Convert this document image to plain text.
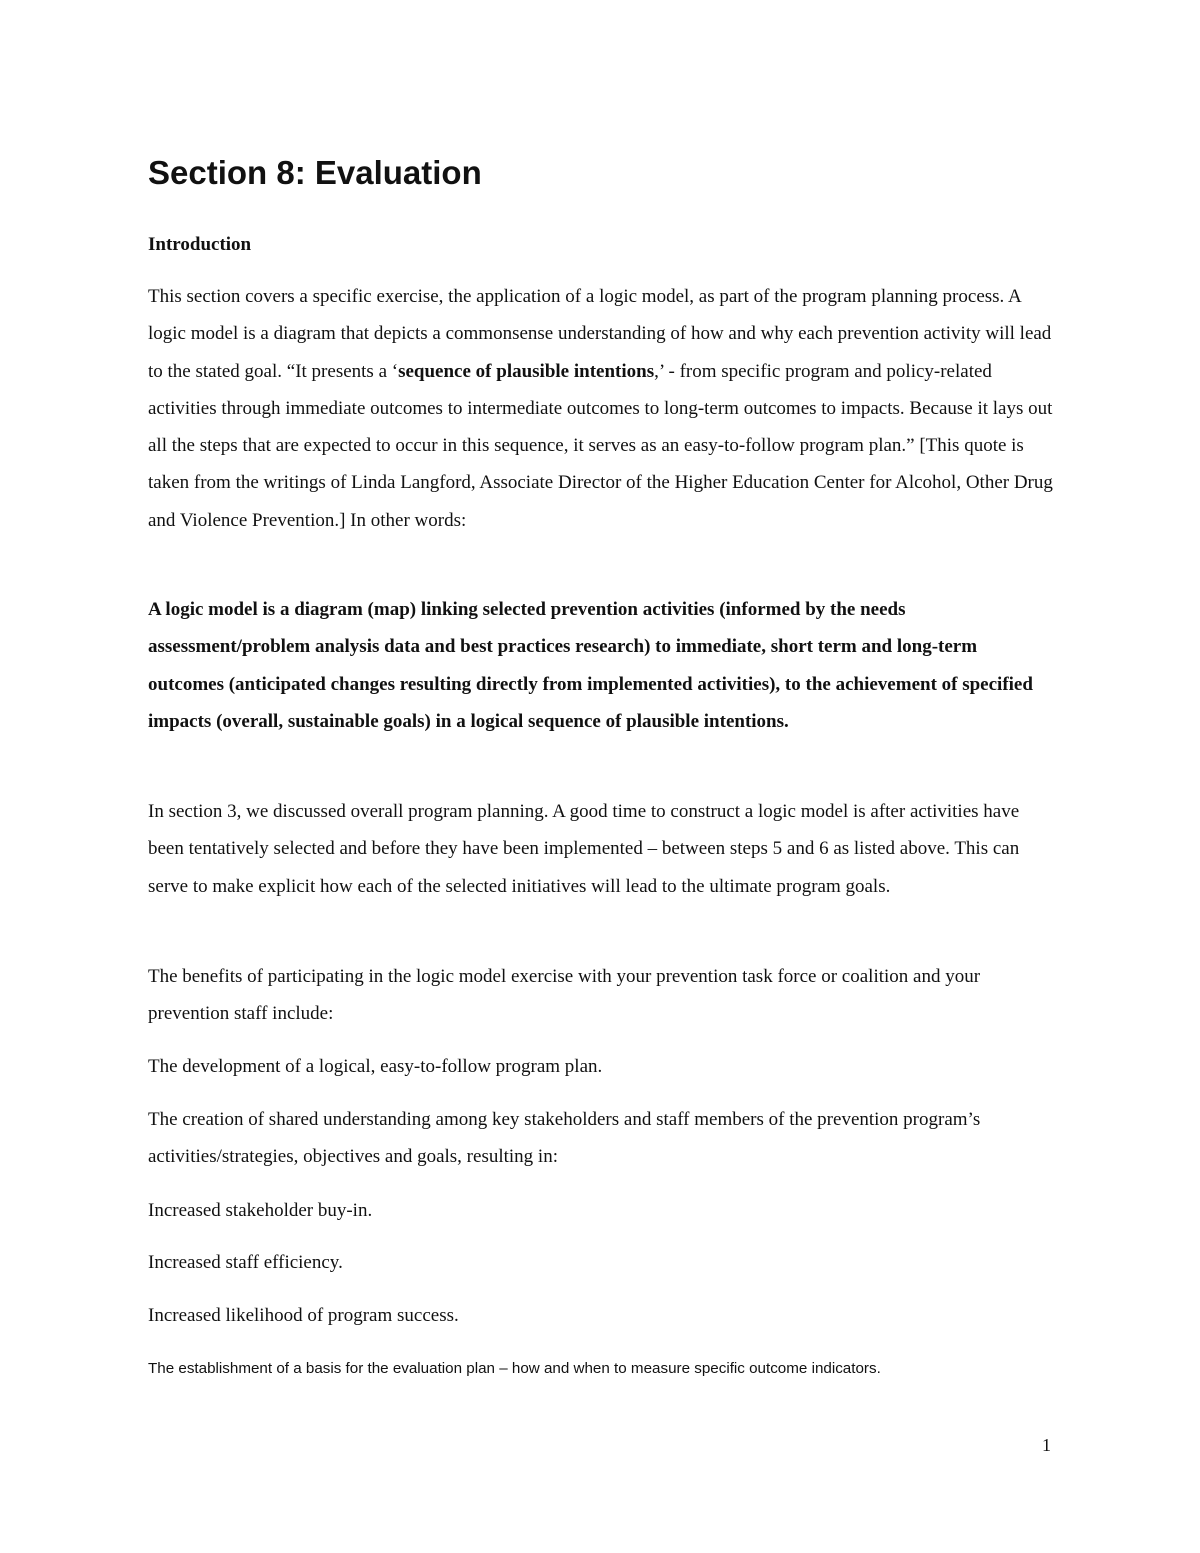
Section 8: Evaluation
Introduction

This section covers a specific exercise, the application of a logic model, as part of the program planning process. A logic model is a diagram that depicts a commonsense understanding of how and why each prevention activity will lead to the stated goal. “It presents a ‘sequence of plausible intentions,’ - from specific program and policy-related activities through immediate outcomes to intermediate outcomes to long-term outcomes to impacts. Because it lays out all the steps that are expected to occur in this sequence, it serves as an easy-to-follow program plan.” [This quote is taken from the writings of Linda Langford, Associate Director of the Higher Education Center for Alcohol, Other Drug and Violence Prevention.] In other words:

A logic model is a diagram (map) linking selected prevention activities (informed by the needs assessment/problem analysis data and best practices research) to immediate, short term and long-term outcomes (anticipated changes resulting directly from implemented activities), to the achievement of specified impacts (overall, sustainable goals) in a logical sequence of plausible intentions.

In section 3, we discussed overall program planning. A good time to construct a logic model is after activities have been tentatively selected and before they have been implemented – between steps 5 and 6 as listed above. This can serve to make explicit how each of the selected initiatives will lead to the ultimate program goals.

The benefits of participating in the logic model exercise with your prevention task force or coalition and your prevention staff include:

The development of a logical, easy-to-follow program plan.

The creation of shared understanding among key stakeholders and staff members of the prevention program’s activities/strategies, objectives and goals, resulting in:

Increased stakeholder buy-in.

Increased staff efficiency.

Increased likelihood of program success.

The establishment of a basis for the evaluation plan – how and when to measure specific outcome indicators.

1
